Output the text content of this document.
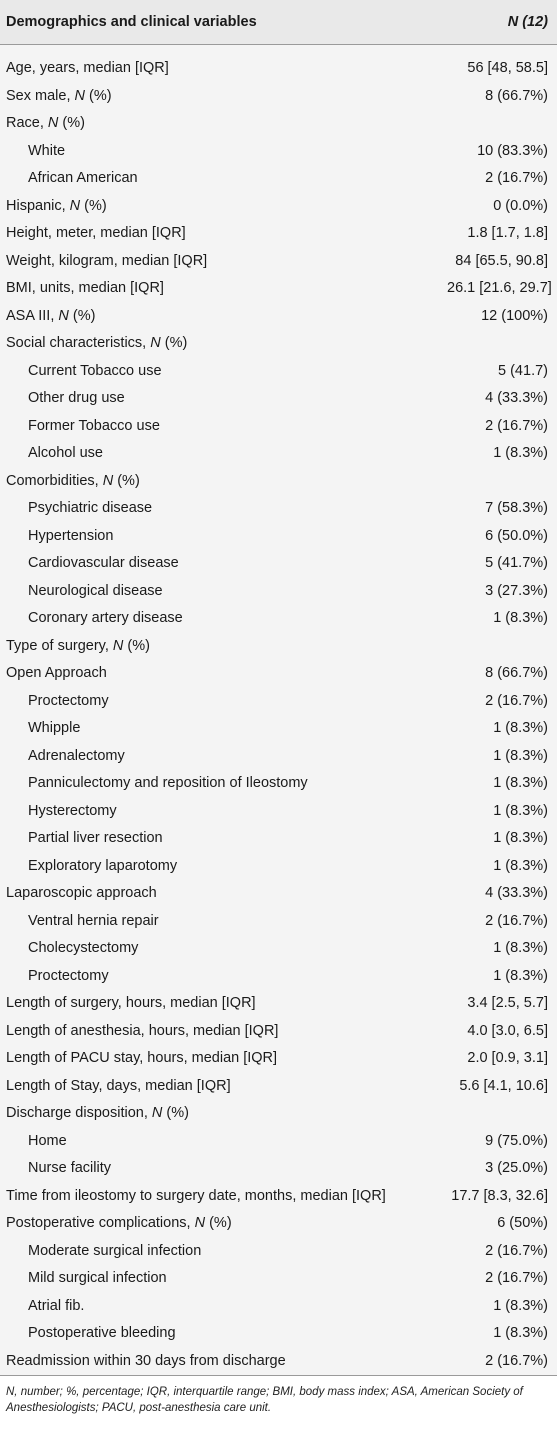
Demographics and clinical variables	N (12)

Age, years, median [IQR]	56 [48, 58.5]
Sex male, N (%)	8 (66.7%)
Race, N (%)	
White	10 (83.3%)
African American	2 (16.7%)
Hispanic, N (%)	0 (0.0%)
Height, meter, median [IQR]	1.8 [1.7, 1.8]
Weight, kilogram, median [IQR]	84 [65.5, 90.8]
BMI, units, median [IQR]	26.1 [21.6, 29.7]
ASA III, N (%)	12 (100%)
Social characteristics, N (%)	
Current Tobacco use	5 (41.7)
Other drug use	4 (33.3%)
Former Tobacco use	2 (16.7%)
Alcohol use	1 (8.3%)
Comorbidities, N (%)	
Psychiatric disease	7 (58.3%)
Hypertension	6 (50.0%)
Cardiovascular disease	5 (41.7%)
Neurological disease	3 (27.3%)
Coronary artery disease	1 (8.3%)
Type of surgery, N (%)	
Open Approach	8 (66.7%)
Proctectomy	2 (16.7%)
Whipple	1 (8.3%)
Adrenalectomy	1 (8.3%)
Panniculectomy and reposition of Ileostomy	1 (8.3%)
Hysterectomy	1 (8.3%)
Partial liver resection	1 (8.3%)
Exploratory laparotomy	1 (8.3%)
Laparoscopic approach	4 (33.3%)
Ventral hernia repair	2 (16.7%)
Cholecystectomy	1 (8.3%)
Proctectomy	1 (8.3%)
Length of surgery, hours, median [IQR]	3.4 [2.5, 5.7]
Length of anesthesia, hours, median [IQR]	4.0 [3.0, 6.5]
Length of PACU stay, hours, median [IQR]	2.0 [0.9, 3.1]
Length of Stay, days, median [IQR]	5.6 [4.1, 10.6]
Discharge disposition, N (%)	
Home	9 (75.0%)
Nurse facility	3 (25.0%)
Time from ileostomy to surgery date, months, median [IQR]	17.7 [8.3, 32.6]
Postoperative complications, N (%)	6 (50%)
Moderate surgical infection	2 (16.7%)
Mild surgical infection	2 (16.7%)
Atrial fib.	1 (8.3%)
Postoperative bleeding	1 (8.3%)
Readmission within 30 days from discharge	2 (16.7%)
N, number; %, percentage; IQR, interquartile range; BMI, body mass index; ASA, American Society of Anesthesiologists; PACU, post-anesthesia care unit.
